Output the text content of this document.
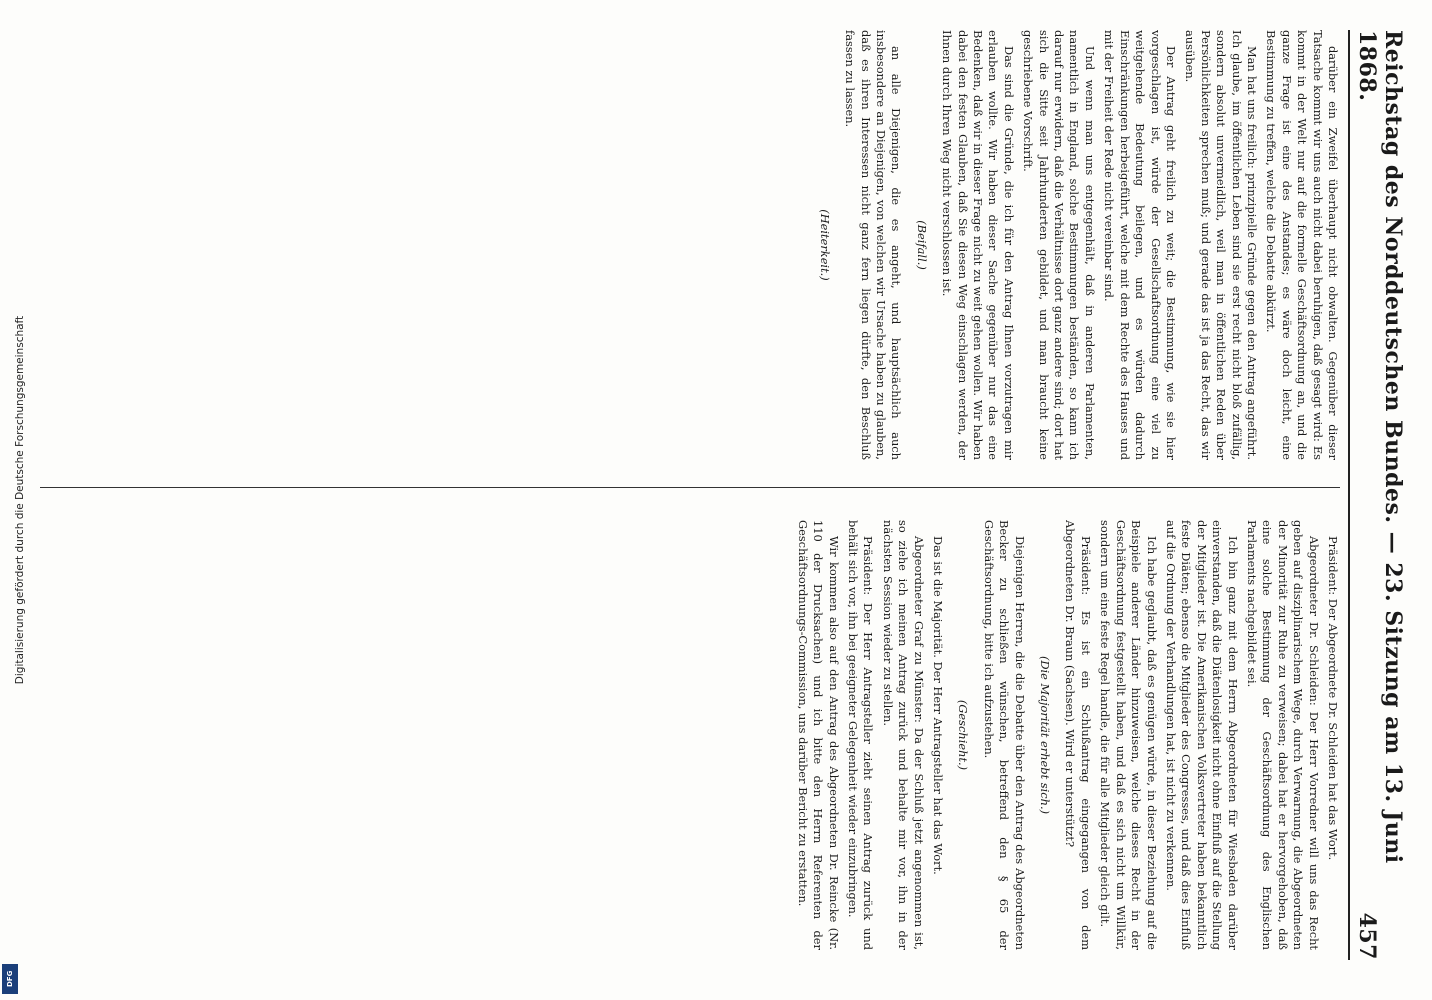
Reichstag des Norddeutschen Bundes. — 23. Sitzung am 13. Juni 1868.
457

darüber ein Zweifel überhaupt nicht obwalten. Gegenüber dieser Tatsache kommt wir uns auch nicht dabei beruhigen, daß gesagt wird: Es kommt in der Welt nur auf die formelle Geschäftsordnung an, und die ganze Frage ist eine des Anstandes; es wäre doch leicht, eine Bestimmung zu treffen, welche die Debatte abkürzt.

Man hat uns freilich: prinzipielle Gründe gegen den Antrag angeführt. Ich glaube, im öffentlichen Leben sind sie erst recht nicht bloß zufällig, sondern absolut unvermeidlich, weil man in öffentlichen Reden über Persönlichkeiten sprechen muß; und gerade das ist ja das Recht, das wir ausüben.

Der Antrag geht freilich zu weit; die Bestimmung, wie sie hier vorgeschlagen ist, würde der Gesellschaftsordnung eine viel zu weitgehende Bedeutung beilegen, und es würden dadurch Einschränkungen herbeigeführt, welche mit dem Rechte des Hauses und mit der Freiheit der Rede nicht vereinbar sind.

Und wenn man uns entgegenhält, daß in anderen Parlamenten, namentlich in England, solche Bestimmungen beständen, so kann ich darauf nur erwidern, daß die Verhältnisse dort ganz andere sind; dort hat sich die Sitte seit Jahrhunderten gebildet, und man braucht keine geschriebene Vorschrift.

Das sind die Gründe, die ich für den Antrag Ihnen vorzutragen mir erlauben wollte. Wir haben dieser Sache gegenüber nur das eine Bedenken, daß wir in dieser Frage nicht zu weit gehen wollen. Wir haben dabei den festen Glauben, daß Sie diesen Weg einschlagen werden, der Ihnen durch Ihren Weg nicht verschlossen ist.

(Beifall.)

an alle Diejenigen, die es angeht, und hauptsächlich auch insbesondere an Diejenigen, von welchen wir Ursache haben zu glauben, daß es ihren Interessen nicht ganz fern liegen dürfte, den Beschluß fassen zu lassen.

(Heiterkeit.)

Präsident: Der Abgeordnete Dr. Schleiden hat das Wort.

Abgeordneter Dr. Schleiden: Der Herr Vorredner will uns das Recht geben auf disziplinarischem Wege, durch Verwarnung, die Abgeordneten der Minorität zur Ruhe zu verweisen; dabei hat er hervorgehoben, daß eine solche Bestimmung der Geschäftsordnung des Englischen Parlaments nachgebildet sei.

Ich bin ganz mit dem Herrn Abgeordneten für Wiesbaden darüber einverstanden, daß die Diätenlosigkeit nicht ohne Einfluß auf die Stellung der Mitglieder ist. Die Amerikanischen Volksvertreter haben bekanntlich feste Diäten; ebenso die Mitglieder des Congresses, und daß dies Einfluß auf die Ordnung der Verhandlungen hat, ist nicht zu verkennen.

Ich habe geglaubt, daß es genügen würde, in dieser Beziehung auf die Beispiele anderer Länder hinzuweisen, welche dieses Recht in der Geschäftsordnung festgestellt haben, und daß es sich nicht um Willkür, sondern um eine feste Regel handle, die für alle Mitglieder gleich gilt.

Präsident: Es ist ein Schlußantrag eingegangen von dem Abgeordneten Dr. Braun (Sachsen). Wird er unterstützt?

(Die Majorität erhebt sich.)

Diejenigen Herren, die die Debatte über den Antrag des Abgeordneten Becker zu schließen wünschen, betreffend den § 65 der Geschäftsordnung, bitte ich aufzustehen.

(Geschieht.)

Das ist die Majorität. Der Herr Antragsteller hat das Wort.

Abgeordneter Graf zu Münster: Da der Schluß jetzt angenommen ist, so ziehe ich meinen Antrag zurück und behalte mir vor, ihn in der nächsten Session wieder zu stellen.

Präsident: Der Herr Antragsteller zieht seinen Antrag zurück und behält sich vor, ihn bei geeigneter Gelegenheit wieder einzubringen.

Wir kommen also auf den Antrag des Abgeordneten Dr. Reincke (Nr. 110 der Drucksachen) und ich bitte den Herrn Referenten der Geschäftsordnungs-Commission, uns darüber Bericht zu erstatten.

Digitalisierung gefördert durch die Deutsche Forschungsgemeinschaft
DFG
